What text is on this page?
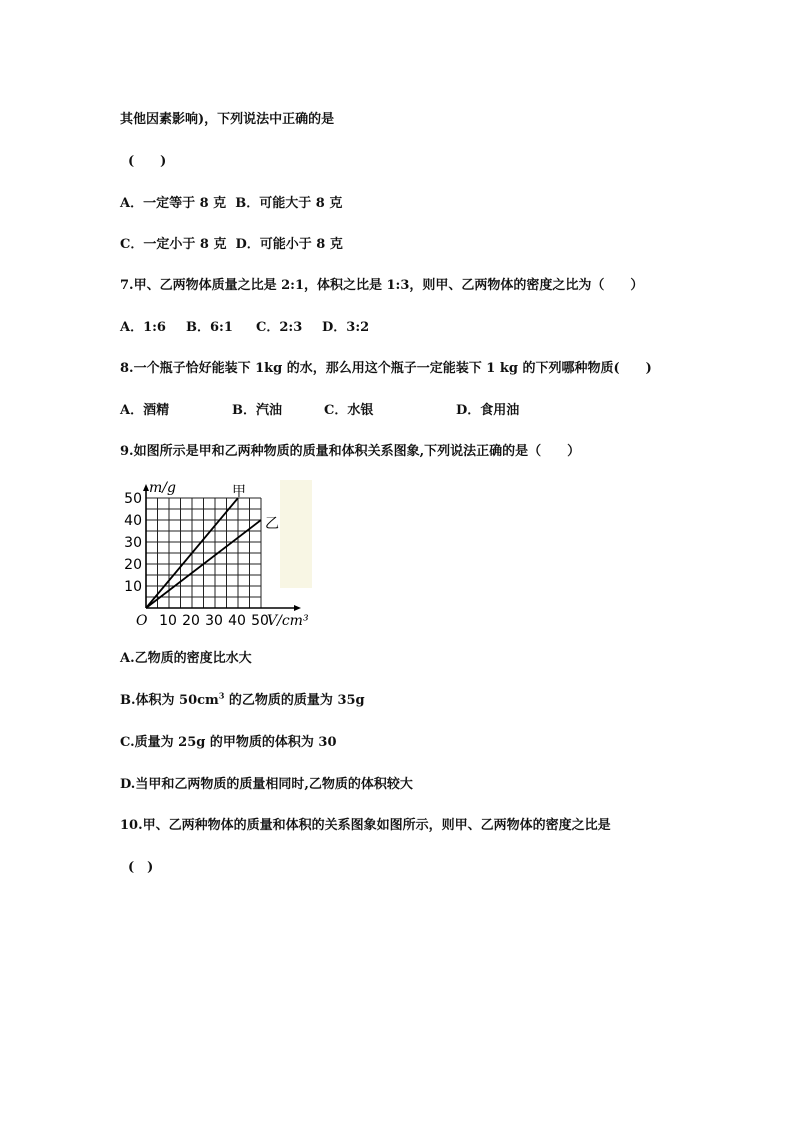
其他因素影响)，下列说法中正确的是
(　　)
A．一定等于 8 克  B．可能大于 8 克
C．一定小于 8 克  D．可能小于 8 克
7.甲、乙两物体质量之比是 2:1，体积之比是 1:3，则甲、乙两物体的密度之比为（　　）

A．1:6

B．6:1

C．2:3

D．3:2

8.一个瓶子恰好能装下 1kg 的水，那么用这个瓶子一定能装下 1 kg 的下列哪种物质(　　)

A．酒精

	B．汽油

	C．水银

	D．食用油

9.如图所示是甲和乙两种物质的质量和体积关系图象,下列说法正确的是（　　）
甲
乙
10
20
30
40
50
10 20 30 40 50
O
m/g
V/cm³
A.乙物质的密度比水大
B.体积为 $50cm^3$ 的乙物质的质量为 35g
C.质量为 25g 的甲物质的体积为 30
D.当甲和乙两物质的质量相同时,乙物质的体积较大
10.甲、乙两种物体的质量和体积的关系图象如图所示，则甲、乙两物体的密度之比是
(　)
